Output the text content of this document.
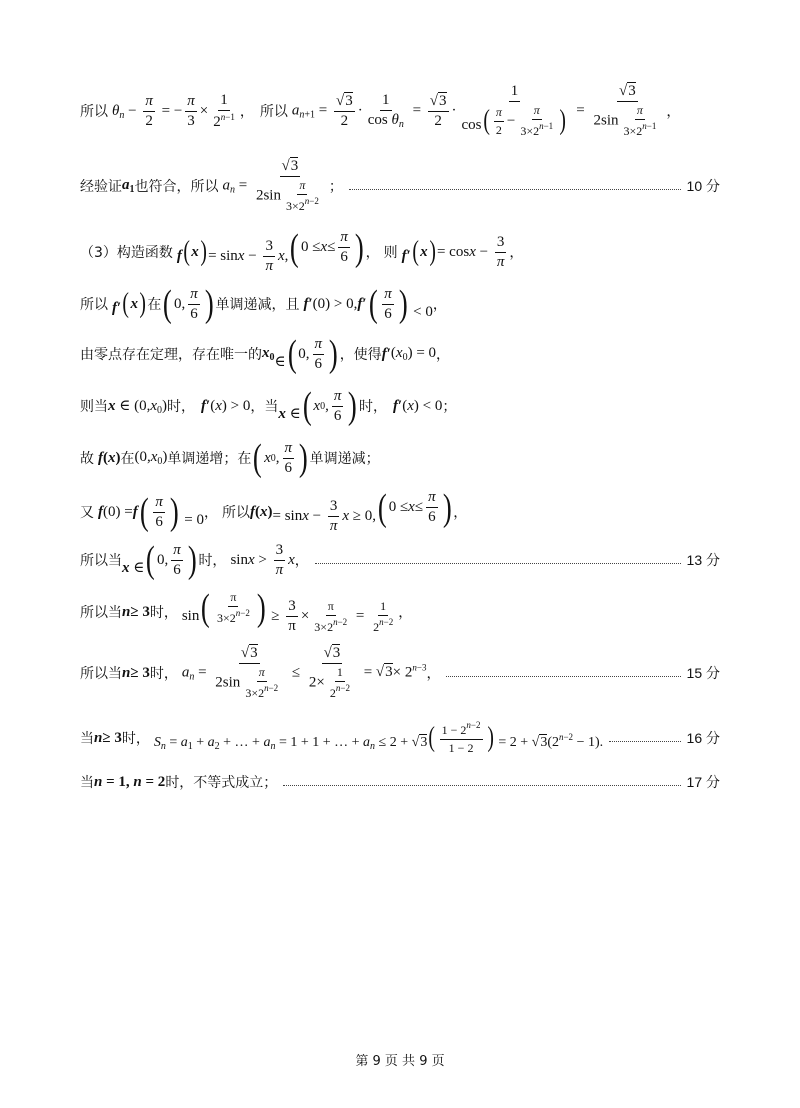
所以 $\theta_n - \frac{\pi}{2}$ = − $\frac{\pi}{3} \times \frac{1}{2^{n-1}}$ ， 所以 $a_{n+1} = \frac{√3}{2} \cdot \frac{1}{\cos \theta_n} = \frac{√3}{2} \cdot \frac{1}{\cos ( \frac{\pi}{2} - \frac{\pi}{3\times 2^{n-1}} )} = \frac{√3}{2\sin \frac{\pi}{3\times 2^{n-1}}}$ ，
经验证 $a_1$ 也符合，所以 $a_n = \frac{√3}{2\sin \frac{\pi}{3\times 2^{n-2}}}$ ；	10 分
（3）构造函数 f ( x ) = $\sin x - \frac{3}{\pi} x$, ( $0 \le x \le \frac{\pi}{6}$ ) ， 则 f′ ( x ) = $\cos x - \frac{3}{\pi}$ ，
所以 f′ ( x ) 在 ( 0, $\frac{\pi}{6}$ ) 单调递减，且 f′ (0) > 0, f′ ( $\frac{\pi}{6}$ ) < 0 ，
由零点存在定理，存在唯一的 $x_0$ ∈ ( 0, $\frac{\pi}{6}$ ) ，使得 f′ $(x_0) = 0$ ，
则当 x ∈ $(0,x_0)$ 时， f′ (x) > 0 ， 当 x ∈ ( x 0 , $\frac{\pi}{6}$ ) 时， f′ (x) < 0 ；
故 f(x) 在 $(0,x_0)$ 单调递增；在 ( x 0 , $\frac{\pi}{6}$ ) 单调递减 ；
又 f (0) = f ( $\frac{\pi}{6}$ ) = 0 ， 所以 $f(x) = \sin x - \frac{3}{\pi}$ x ≥ 0, ( $0 \le x \le \frac{\pi}{6}$ ) ，
所以当 x ∈ ( 0, $\frac{\pi}{6}$ ) 时， $\sin x > \frac{3}{\pi}$ x ，	13 分
所以当 n ≥ 3 时， sin ( $\frac{\pi}{3\times 2^{n-2}}$ ) ≥ $\frac{3}{\pi} \times \frac{\pi}{3\times 2^{n-2}} = \frac{1}{2^{n-2}}$ ，
所以当 n ≥ 3 时， $a_n = \frac{√3}{2\sin \frac{\pi}{3\times 2^{n-2}}} \le \frac{√3}{2\times \frac{1}{2^{n-2}}} = √3\times 2^{n-3}$ ，	15 分
当 n ≥ 3 时， $S_n = a_1 + a_2$ + … + $a_n = 1 + 1$ + … + $a_n \le 2 + √3$ ( $\frac{1 - 2^{n-2}}{1 - 2}$ ) = $2 + √3(2^{n-2} - 1)$.	16 分
当 n = 1, n = 2 时，不等式成立；	17 分
第 9 页 共 9 页
